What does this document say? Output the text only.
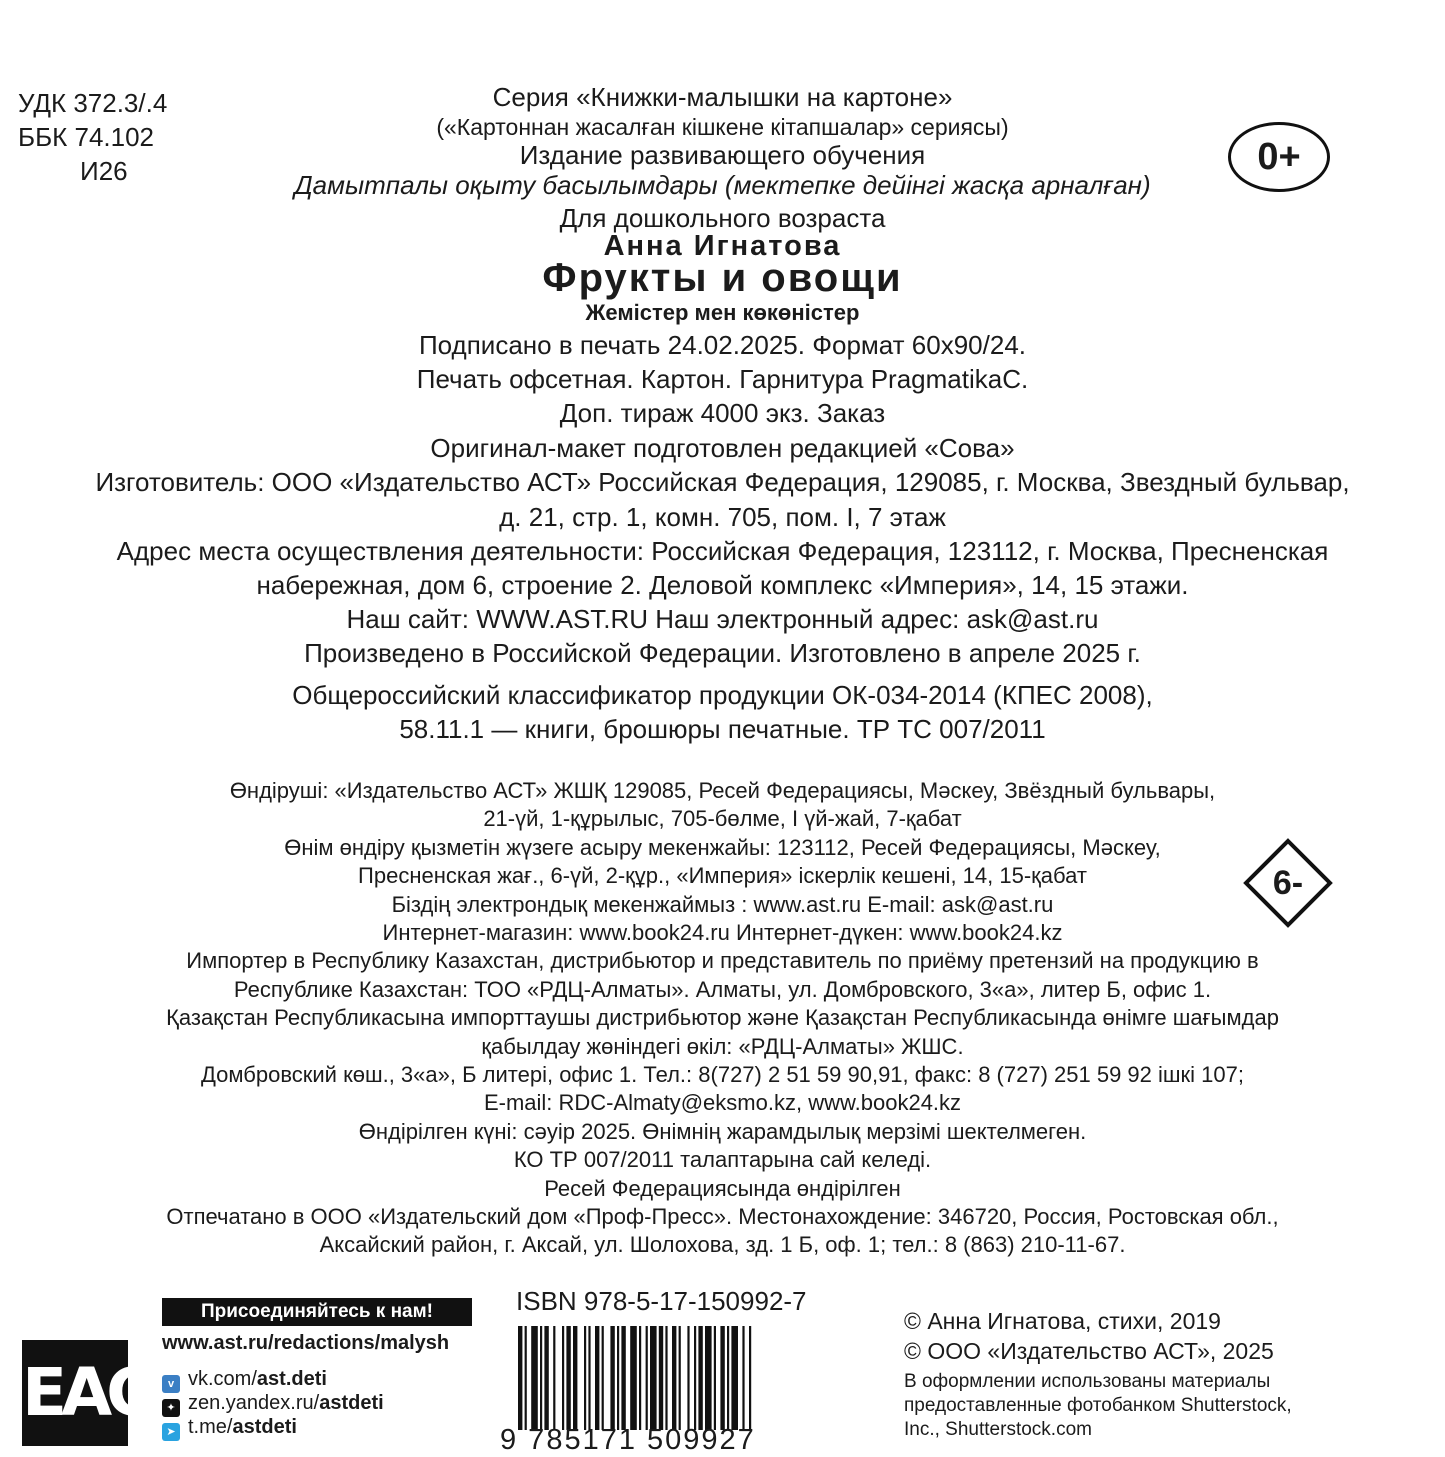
УДК 372.3/.4
ББК 74.102
И26
Серия «Книжки-малышки на картоне»
(«Картоннан жасалған кішкене кітапшалар» сериясы)
Издание развивающего обучения
Дамытпалы оқыту басылымдары (мектепке дейінгі жасқа арналған)
Для дошкольного возраста
Анна Игнатова
Фрукты и овощи
Жемістер мен көкөністер
0+
Подписано в печать 24.02.2025. Формат 60х90/24.
Печать офсетная. Картон. Гарнитура PragmatikaC.
Доп. тираж 4000 экз. Заказ
Оригинал-макет подготовлен редакцией «Сова»
Изготовитель: ООО «Издательство АСТ» Российская Федерация, 129085, г. Москва, Звездный бульвар,
д. 21, стр. 1, комн. 705, пом. I, 7 этаж
Адрес места осуществления деятельности: Российская Федерация, 123112, г. Москва, Пресненская
набережная, дом 6, строение 2. Деловой комплекс «Империя», 14, 15 этажи.
Наш сайт: WWW.AST.RU Наш электронный адрес: ask@ast.ru
Произведено в Российской Федерации. Изготовлено в апреле 2025 г.
Общероссийский классификатор продукции ОК-034-2014 (КПЕС 2008),
58.11.1 — книги, брошюры печатные. ТР ТС 007/2011
Өндіруші: «Издательство АСТ» ЖШҚ 129085, Ресей Федерациясы, Мәскеу, Звёздный бульвары,
21-үй, 1-құрылыс, 705-бөлме, I үй-жай, 7-қабат
Өнім өндіру қызметін жүзеге асыру мекенжайы: 123112, Ресей Федерациясы, Мәскеу,
Пресненская жағ., 6-үй, 2-құр., «Империя» іскерлік кешені, 14, 15-қабат
Біздің электрондық мекенжаймыз : www.ast.ru E-mail: ask@ast.ru
Интернет-магазин: www.book24.ru Интернет-дүкен: www.book24.kz
Импортер в Республику Казахстан, дистрибьютор и представитель по приёму претензий на продукцию в
Республике Казахстан: ТОО «РДЦ-Алматы». Алматы, ул. Домбровского, 3«а», литер Б, офис 1.
Қазақстан Республикасына импорттаушы дистрибьютор және Қазақстан Республикасында өнімге шағымдар
қабылдау жөніндегі өкіл: «РДЦ-Алматы» ЖШС.
Домбровский көш., 3«а», Б литері, офис 1. Тел.: 8(727) 2 51 59 90,91, факс: 8 (727) 251 59 92 ішкі 107;
E-mail: RDC-Almaty@eksmo.kz, www.book24.kz
Өндірілген күні: сәуір 2025. Өнімнің жарамдылық мерзімі шектелмеген.
КО ТР 007/2011 талаптарына сай келеді.
Ресей Федерациясында өндірілген
Отпечатано в ООО «Издательский дом «Проф-Пресс». Местонахождение: 346720, Россия, Ростовская обл.,
Аксайский район, г. Аксай, ул. Шолохова, зд. 1 Б, оф. 1; тел.: 8 (863) 210-11-67.
6-
ЕАС
Присоединяйтесь к нам!
www.ast.ru/redactions/malysh
v vk.com/ast.deti
✦ zen.yandex.ru/astdeti
➤ t.me/astdeti
ISBN 978-5-17-150992-7
9 785171 509927
© Анна Игнатова, стихи, 2019
© ООО «Издательство АСТ», 2025
В оформлении использованы материалы
предоставленные фотобанком Shutterstock,
Inc., Shutterstock.com
